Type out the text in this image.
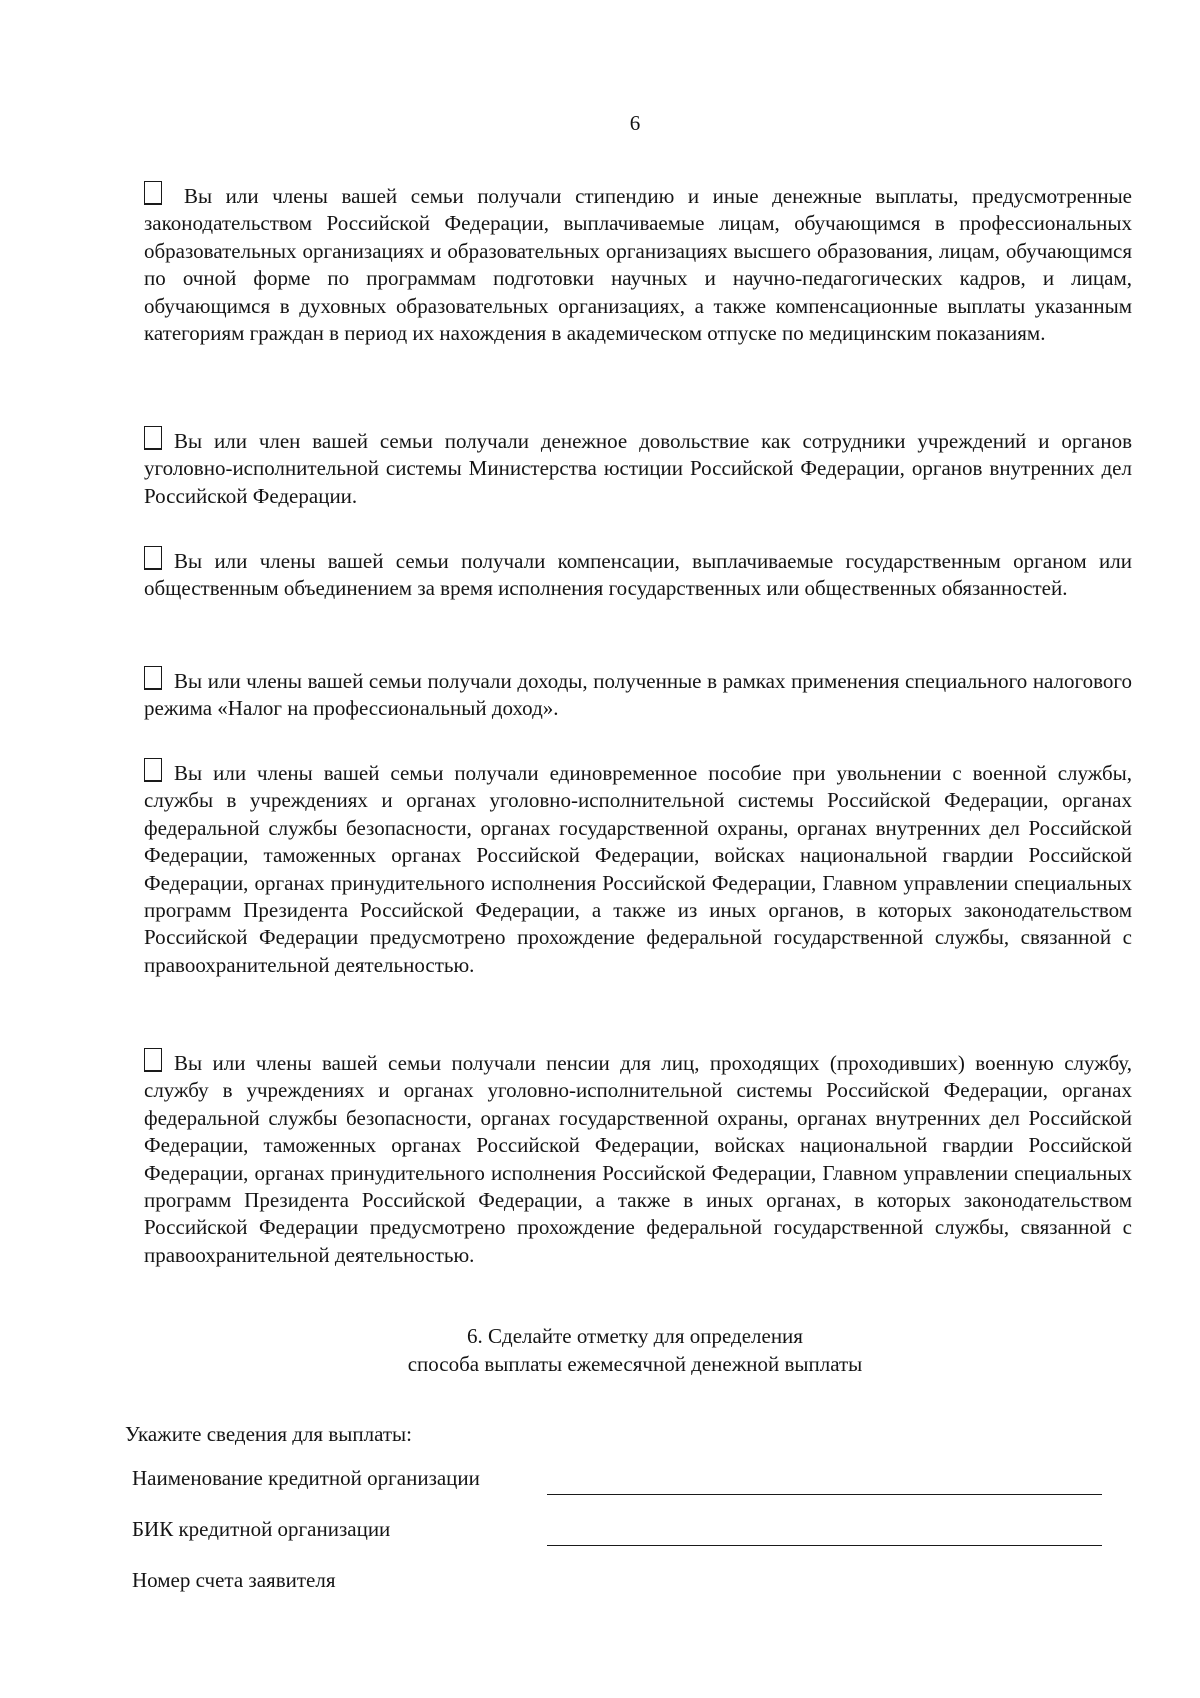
6
Вы или члены вашей семьи получали стипендию и иные денежные выплаты, предусмотренные законодательством Российской Федерации, выплачиваемые лицам, обучающимся в профессиональных образовательных организациях и образовательных организациях высшего образования, лицам, обучающимся по очной форме по программам подготовки научных и научно-педагогических кадров, и лицам, обучающимся в духовных образовательных организациях, а также компенсационные выплаты указанным категориям граждан в период их нахождения в академическом отпуске по медицинским показаниям.
Вы или член вашей семьи получали денежное довольствие как сотрудники учреждений и органов уголовно-исполнительной системы Министерства юстиции Российской Федерации, органов внутренних дел Российской Федерации.
Вы или члены вашей семьи получали компенсации, выплачиваемые государственным органом или общественным объединением за время исполнения государственных или общественных обязанностей.
Вы или члены вашей семьи получали доходы, полученные в рамках применения специального налогового режима «Налог на профессиональный доход».
Вы или члены вашей семьи получали единовременное пособие при увольнении с военной службы, службы в учреждениях и органах уголовно-исполнительной системы Российской Федерации, органах федеральной службы безопасности, органах государственной охраны, органах внутренних дел Российской Федерации, таможенных органах Российской Федерации, войсках национальной гвардии Российской Федерации, органах принудительного исполнения Российской Федерации, Главном управлении специальных программ Президента Российской Федерации, а также из иных органов, в которых законодательством Российской Федерации предусмотрено прохождение федеральной государственной службы, связанной с правоохранительной деятельностью.
Вы или члены вашей семьи получали пенсии для лиц, проходящих (проходивших) военную службу, службу в учреждениях и органах уголовно-исполнительной системы Российской Федерации, органах федеральной службы безопасности, органах государственной охраны, органах внутренних дел Российской Федерации, таможенных органах Российской Федерации, войсках национальной гвардии Российской Федерации, органах принудительного исполнения Российской Федерации, Главном управлении специальных программ Президента Российской Федерации, а также в иных органах, в которых законодательством Российской Федерации предусмотрено прохождение федеральной государственной службы, связанной с правоохранительной деятельностью.
6. Сделайте отметку для определения
способа выплаты ежемесячной денежной выплаты
Укажите сведения для выплаты:
Наименование кредитной организации
БИК кредитной организации
Номер счета заявителя
